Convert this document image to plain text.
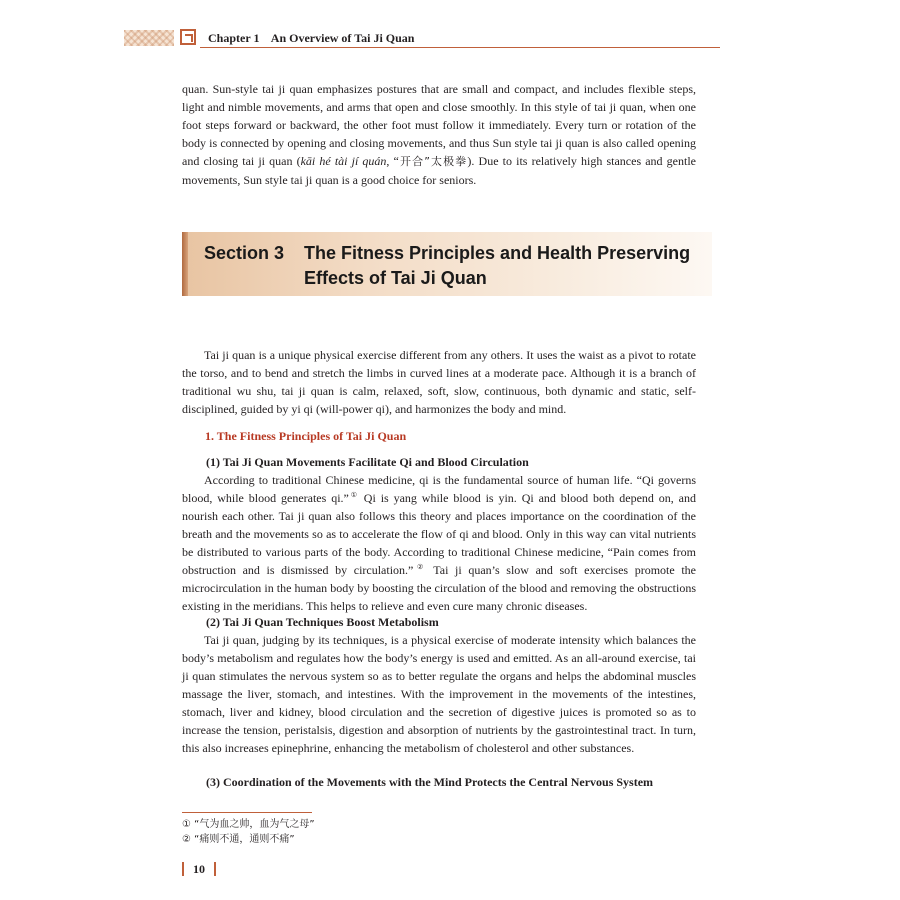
Chapter 1    An Overview of Tai Ji Quan

quan. Sun-style tai ji quan emphasizes postures that are small and compact, and includes flexible steps, light and nimble movements, and arms that open and close smoothly. In this style of tai ji quan, when one foot steps forward or backward, the other foot must follow it immediately. Every turn or rotation of the body is connected by opening and closing movements, and thus Sun style tai ji quan is also called opening and closing tai ji quan (kāi hé tài jí quán, “开合”太极拳). Due to its relatively high stances and gentle movements, Sun style tai ji quan is a good choice for seniors.

Section 3 The Fitness Principles and Health Preserving Effects of Tai Ji Quan

Tai ji quan is a unique physical exercise different from any others. It uses the waist as a pivot to rotate the torso, and to bend and stretch the limbs in curved lines at a moderate pace. Although it is a branch of traditional wu shu, tai ji quan is calm, relaxed, soft, slow, continuous, both dynamic and static, self-disciplined, guided by yi qi (will-power qi), and harmonizes the body and mind.

1. The Fitness Principles of Tai Ji Quan
(1) Tai Ji Quan Movements Facilitate Qi and Blood Circulation

According to traditional Chinese medicine, qi is the fundamental source of human life. “Qi governs blood, while blood generates qi.”① Qi is yang while blood is yin. Qi and blood both depend on, and nourish each other. Tai ji quan also follows this theory and places importance on the coordination of the breath and the movements so as to accelerate the flow of qi and blood. Only in this way can vital nutrients be distributed to various parts of the body. According to traditional Chinese medicine, “Pain comes from obstruction and is dismissed by circulation.”② Tai ji quan’s slow and soft exercises promote the microcirculation in the human body by boosting the circulation of the blood and removing the obstructions existing in the meridians. This helps to relieve and even cure many chronic diseases.

(2) Tai Ji Quan Techniques Boost Metabolism

Tai ji quan, judging by its techniques, is a physical exercise of moderate intensity which balances the body’s metabolism and regulates how the body’s energy is used and emitted. As an all-around exercise, tai ji quan stimulates the nervous system so as to better regulate the organs and helps the abdominal muscles massage the liver, stomach, and intestines. With the improvement in the movements of the intestines, stomach, liver and kidney, blood circulation and the secretion of digestive juices is promoted so as to increase the tension, peristalsis, digestion and absorption of nutrients by the gastrointestinal tract. In turn, this also increases epinephrine, enhancing the metabolism of cholesterol and other substances.

(3) Coordination of the Movements with the Mind Protects the Central Nervous System
① “气为血之帅，血为气之母”
② “痛则不通，通则不痛”
10
